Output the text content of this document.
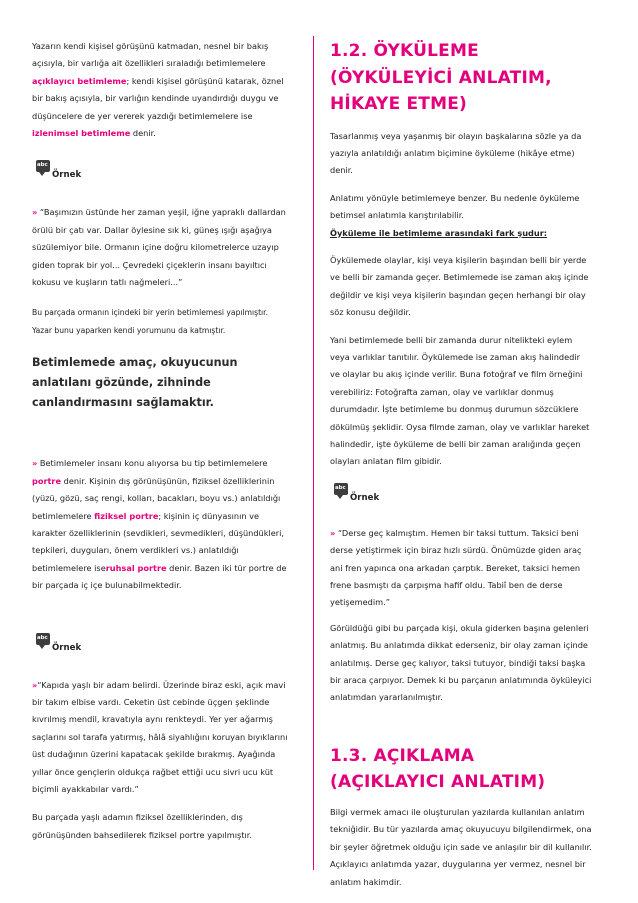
Yazarın kendi kişisel görüşünü katmadan, nesnel bir bakış açısıyla, bir varlığa ait özellikleri sıraladığı betimlemelere açıklayıcı betimleme; kendi kişisel görüşünü katarak, öznel bir bakış açısıyla, bir varlığın kendinde uyandırdığı duygu ve düşüncelere de yer vererek yazdığı betimlemelere ise izlenimsel betimleme denir.

abc
Örnek

» “Başımızın üstünde her zaman yeşil, iğne yapraklı dallardan örülü bir çatı var. Dallar öylesine sık ki, güneş ışığı aşağıya süzülemiyor bile. Ormanın içine doğru kilometrelerce uzayıp giden toprak bir yol... Çevredeki çiçeklerin insanı bayıltıcı kokusu ve kuşların tatlı nağmeleri...”

Bu parçada ormanın içindeki bir yerin betimlemesi yapılmıştır. Yazar bunu yaparken kendi yorumunu da katmıştır.

Betimlemede amaç, okuyucunun anlatılanı gözünde, zihninde canlandırmasını sağlamaktır.

» Betimlemeler insanı konu alıyorsa bu tip betimlemelere portre denir. Kişinin dış görünüşünün, fiziksel özelliklerinin (yüzü, gözü, saç rengi, kolları, bacakları, boyu vs.) anlatıldığı betimlemelere fiziksel portre; kişinin iç dünyasının ve karakter özelliklerinin (sevdikleri, sevmedikleri, düşündükleri, tepkileri, duyguları, önem verdikleri vs.) anlatıldığı betimlemelere iseruhsal portre denir. Bazen iki tür portre de bir parçada iç içe bulunabilmektedir.

abc
Örnek

»“Kapıda yaşlı bir adam belirdi. Üzerinde biraz eski, açık mavi bir takım elbise vardı. Ceketin üst cebinde üçgen şeklinde kıvrılmış mendil, kravatıyla aynı renkteydi. Yer yer ağarmış saçlarını sol tarafa yatırmış, hâlâ siyahlığını koruyan bıyıklarını üst dudağının üzerini kapatacak şekilde bırakmış. Ayağında yıllar önce gençlerin oldukça rağbet ettiği ucu sivri ucu küt biçimli ayakkabılar vardı.”

Bu parçada yaşlı adamın fiziksel özelliklerinden, dış görünüşünden bahsedilerek fiziksel portre yapılmıştır.

1.2. ÖYKÜLEME (ÖYKÜLEYİCİ ANLATIM, HİKAYE ETME)

Tasarlanmış veya yaşanmış bir olayın başkalarına sözle ya da yazıyla anlatıldığı anlatım biçimine öyküleme (hikâye etme) denir.

Anlatımı yönüyle betimlemeye benzer. Bu nedenle öyküleme betimsel anlatımla karıştırılabilir.
Öyküleme ile betimleme arasındaki fark şudur:

Öykülemede olaylar, kişi veya kişilerin başından belli bir yerde ve belli bir zamanda geçer. Betimlemede ise zaman akış içinde değildir ve kişi veya kişilerin başından geçen herhangi bir olay söz konusu değildir.

Yani betimlemede belli bir zamanda durur nitelikteki eylem veya varlıklar tanıtılır. Öykülemede ise zaman akış halindedir ve olaylar bu akış içinde verilir. Buna fotoğraf ve film örneğini verebiliriz: Fotoğrafta zaman, olay ve varlıklar donmuş durumdadır. İşte betimleme bu donmuş durumun sözcüklere dökülmüş şeklidir. Oysa filmde zaman, olay ve varlıklar hareket halindedir, işte öyküleme de belli bir zaman aralığında geçen olayları anlatan film gibidir.

abc
Örnek

» “Derse geç kalmıştım. Hemen bir taksi tuttum. Taksici beni derse yetiştirmek için biraz hızlı sürdü. Önümüzde giden araç ani fren yapınca ona arkadan çarptık. Bereket, taksici hemen frene basmıştı da çarpışma hafif oldu. Tabiî ben de derse yetişemedim.”

Görüldüğü gibi bu parçada kişi, okula giderken başına gelenleri anlatmış. Bu anlatımda dikkat ederseniz, bir olay zaman içinde anlatılmış. Derse geç kalıyor, taksi tutuyor, bindiği taksi başka bir araca çarpıyor. Demek ki bu parçanın anlatımında öyküleyici anlatımdan yararlanılmıştır.

1.3. AÇIKLAMA (AÇIKLAYICI ANLATIM)

Bilgi vermek amacı ile oluşturulan yazılarda kullanılan anlatım tekniğidir. Bu tür yazılarda amaç okuyucuyu bilgilendirmek, ona bir şeyler öğretmek olduğu için sade ve anlaşılır bir dil kullanılır. Açıklayıcı anlatımda yazar, duygularına yer vermez, nesnel bir anlatım hakimdir.
